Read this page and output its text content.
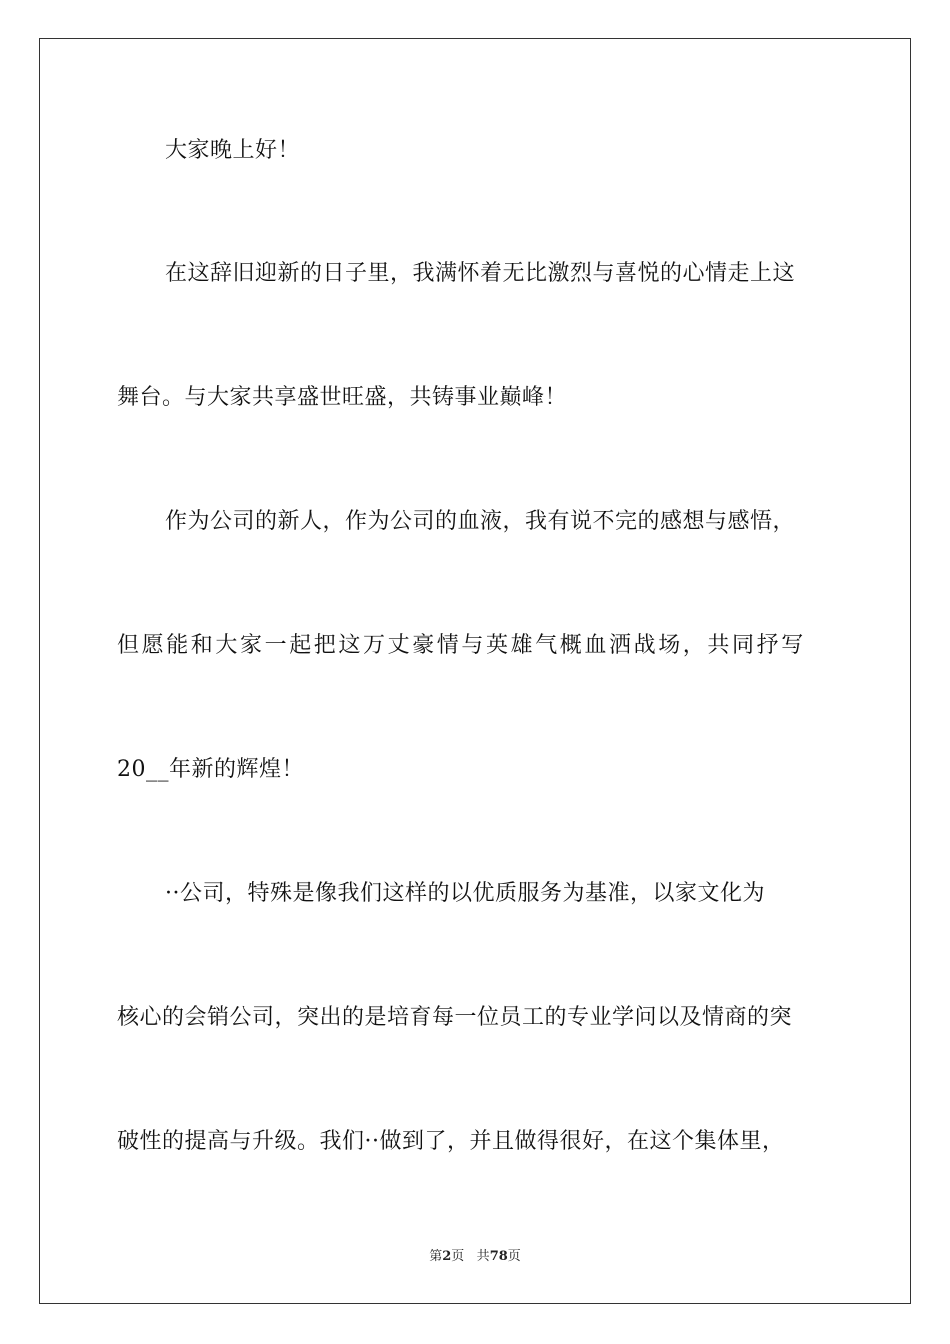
大家晚上好！
在这辞旧迎新的日子里，我满怀着无比激烈与喜悦的心情走上这
舞台。与大家共享盛世旺盛，共铸事业巅峰！
作为公司的新人，作为公司的血液，我有说不完的感想与感悟，
但愿能和大家一起把这万丈豪情与英雄气概血洒战场，共同抒写
20__年新的辉煌！
··公司，特殊是像我们这样的以优质服务为基准，以家文化为
核心的会销公司，突出的是培育每一位员工的专业学问以及情商的突
破性的提高与升级。我们··做到了，并且做得很好，在这个集体里，
第2页 共78页
